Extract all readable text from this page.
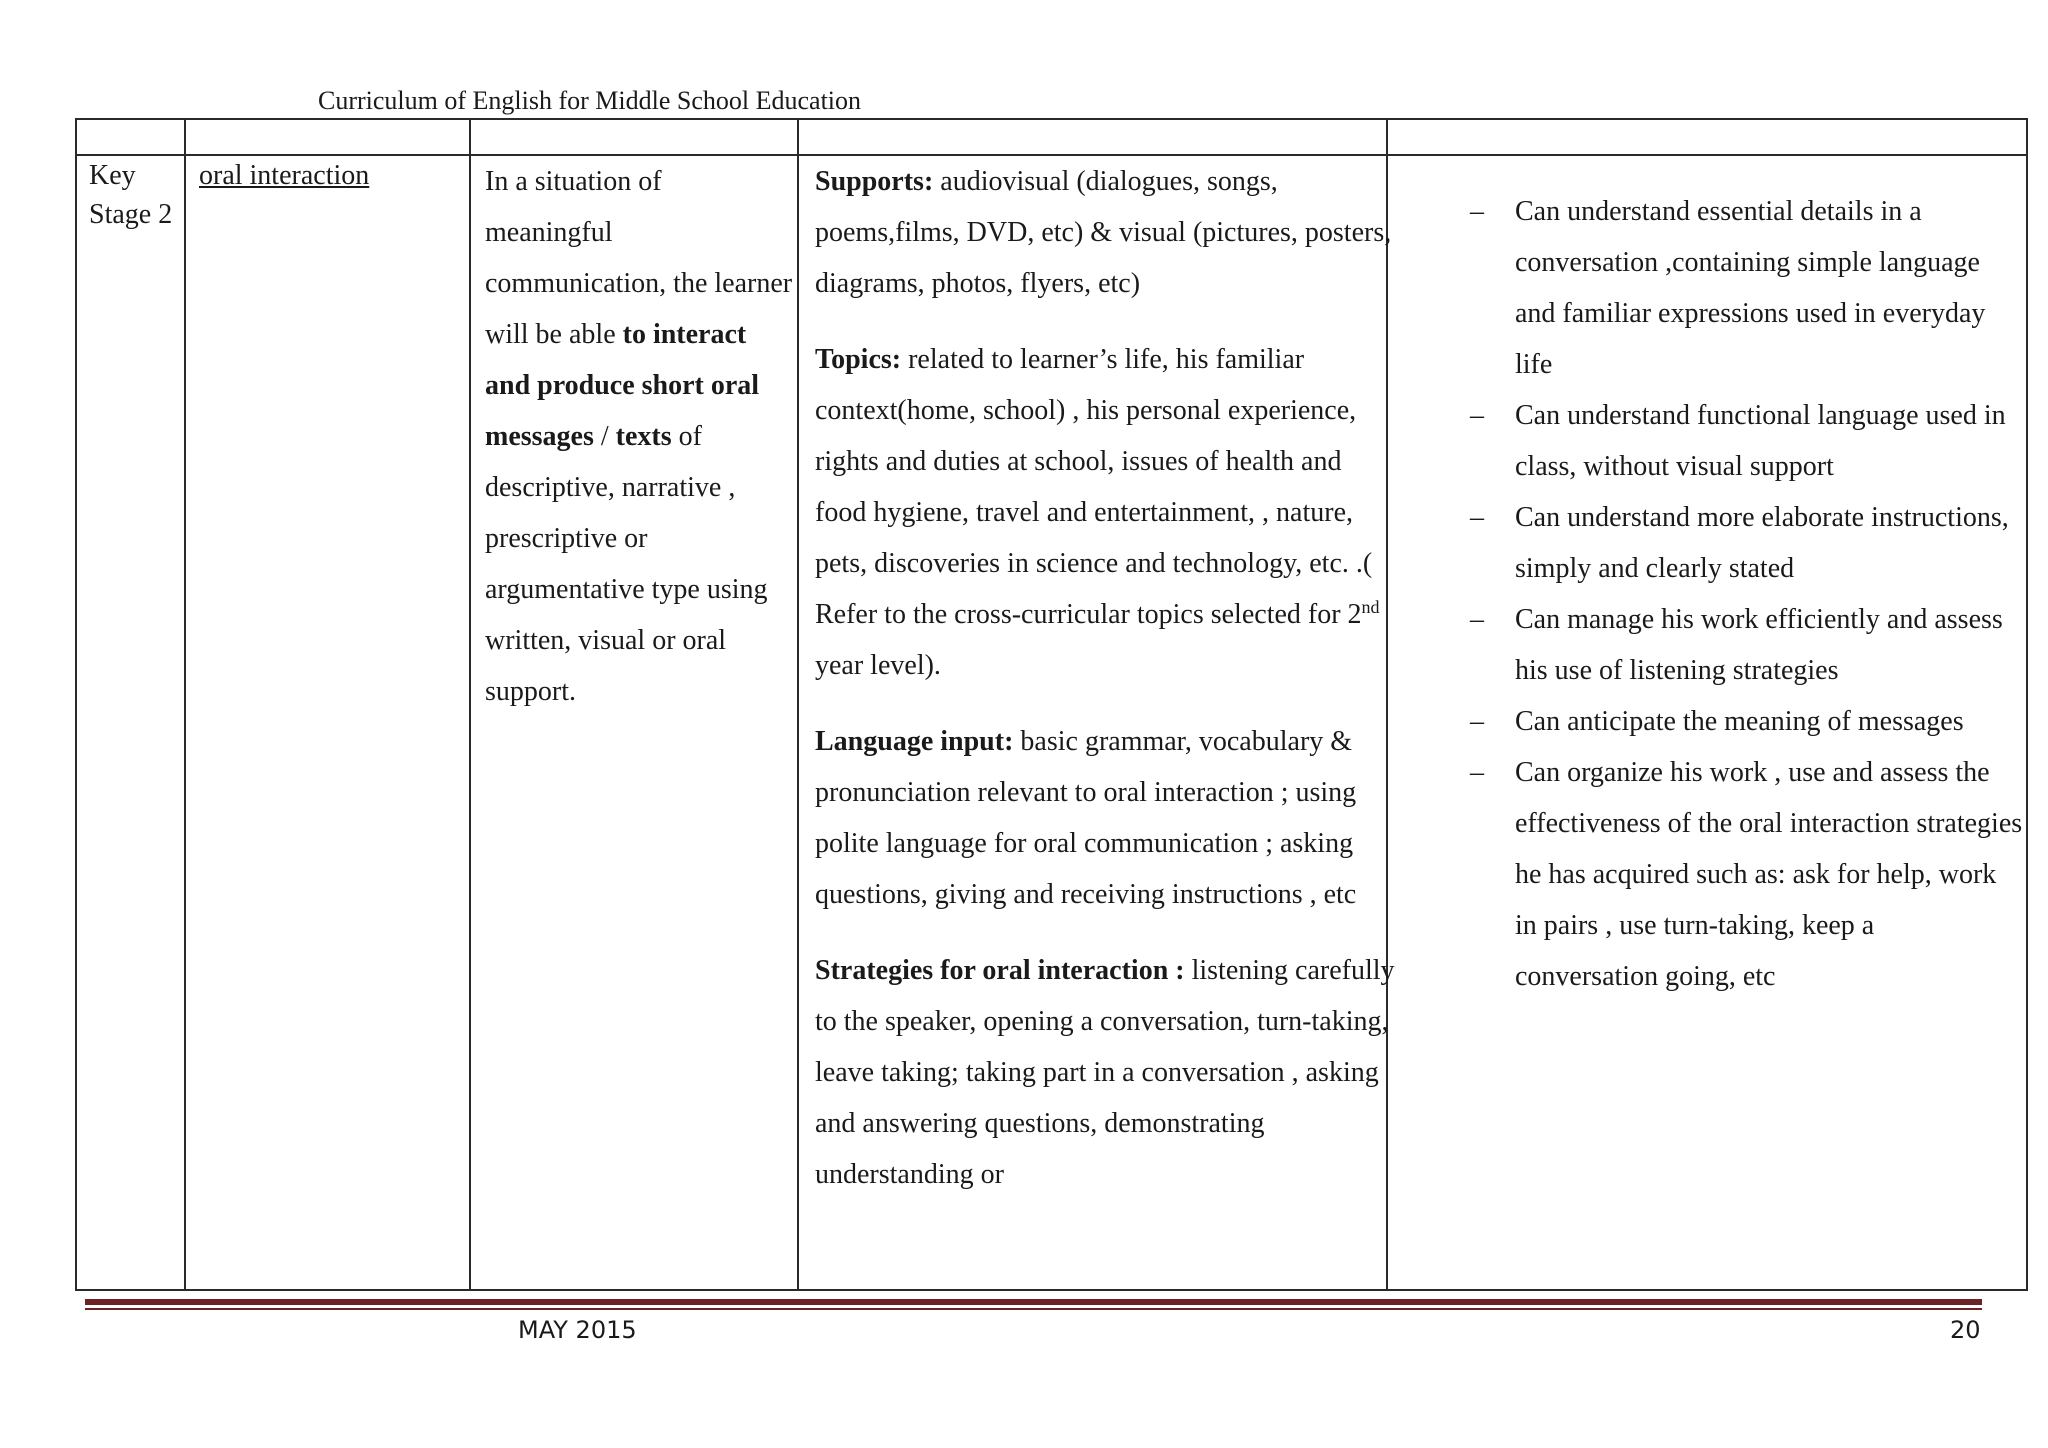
Curriculum of English for Middle School Education
Key Stage 2
oral interaction	In a situation of meaningful communication, the learner will be able to interact and produce short oral messages / texts of descriptive, narrative , prescriptive or argumentative type using written, visual or oral support.

Supports: audiovisual (dialogues, songs, poems,films, DVD, etc) & visual (pictures, posters, diagrams, photos, flyers, etc)

Topics: related to learner’s life, his familiar context(home, school) , his personal experience, rights and duties at school, issues of health and food hygiene, travel and entertainment, , nature, pets, discoveries in science and technology, etc. .( Refer to the cross-curricular topics selected for 2nd year level).

Language input: basic grammar, vocabulary & pronunciation relevant to oral interaction ; using polite language for oral communication ; asking questions, giving and receiving instructions , etc

Strategies for oral interaction : listening carefully to the speaker, opening a conversation, turn-taking, leave taking; taking part in a conversation , asking and answering questions, demonstrating understanding or

– Can understand essential details in a conversation ,containing simple language and familiar expressions used in everyday life
– Can understand functional language used in class, without visual support
– Can understand more elaborate instructions, simply and clearly stated
– Can manage his work efficiently and assess his use of listening strategies
– Can anticipate the meaning of messages
– Can organize his work , use and assess the effectiveness of the oral interaction strategies he has acquired such as: ask for help, work in pairs , use turn-taking, keep a conversation going, etc
MAY 2015	20
